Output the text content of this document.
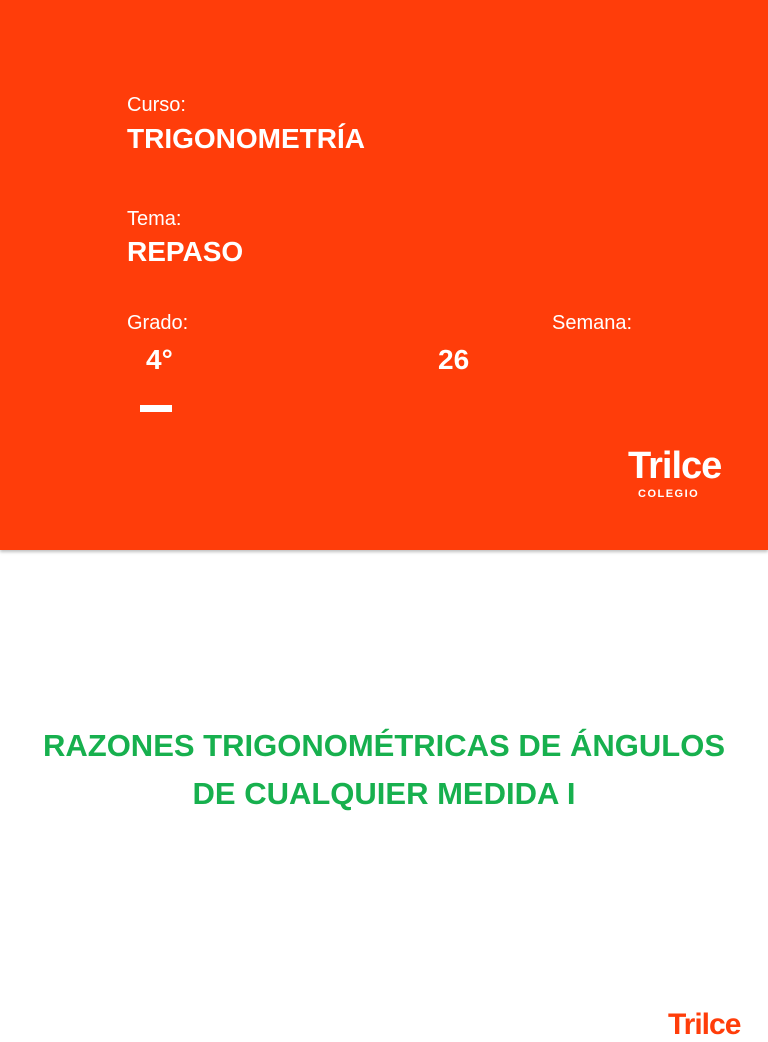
Curso:
TRIGONOMETRÍA
Tema:
REPASO
Grado:
4°
Semana:
26
Trilce
COLEGIO
RAZONES TRIGONOMÉTRICAS DE ÁNGULOS DE CUALQUIER MEDIDA I
Trilce
